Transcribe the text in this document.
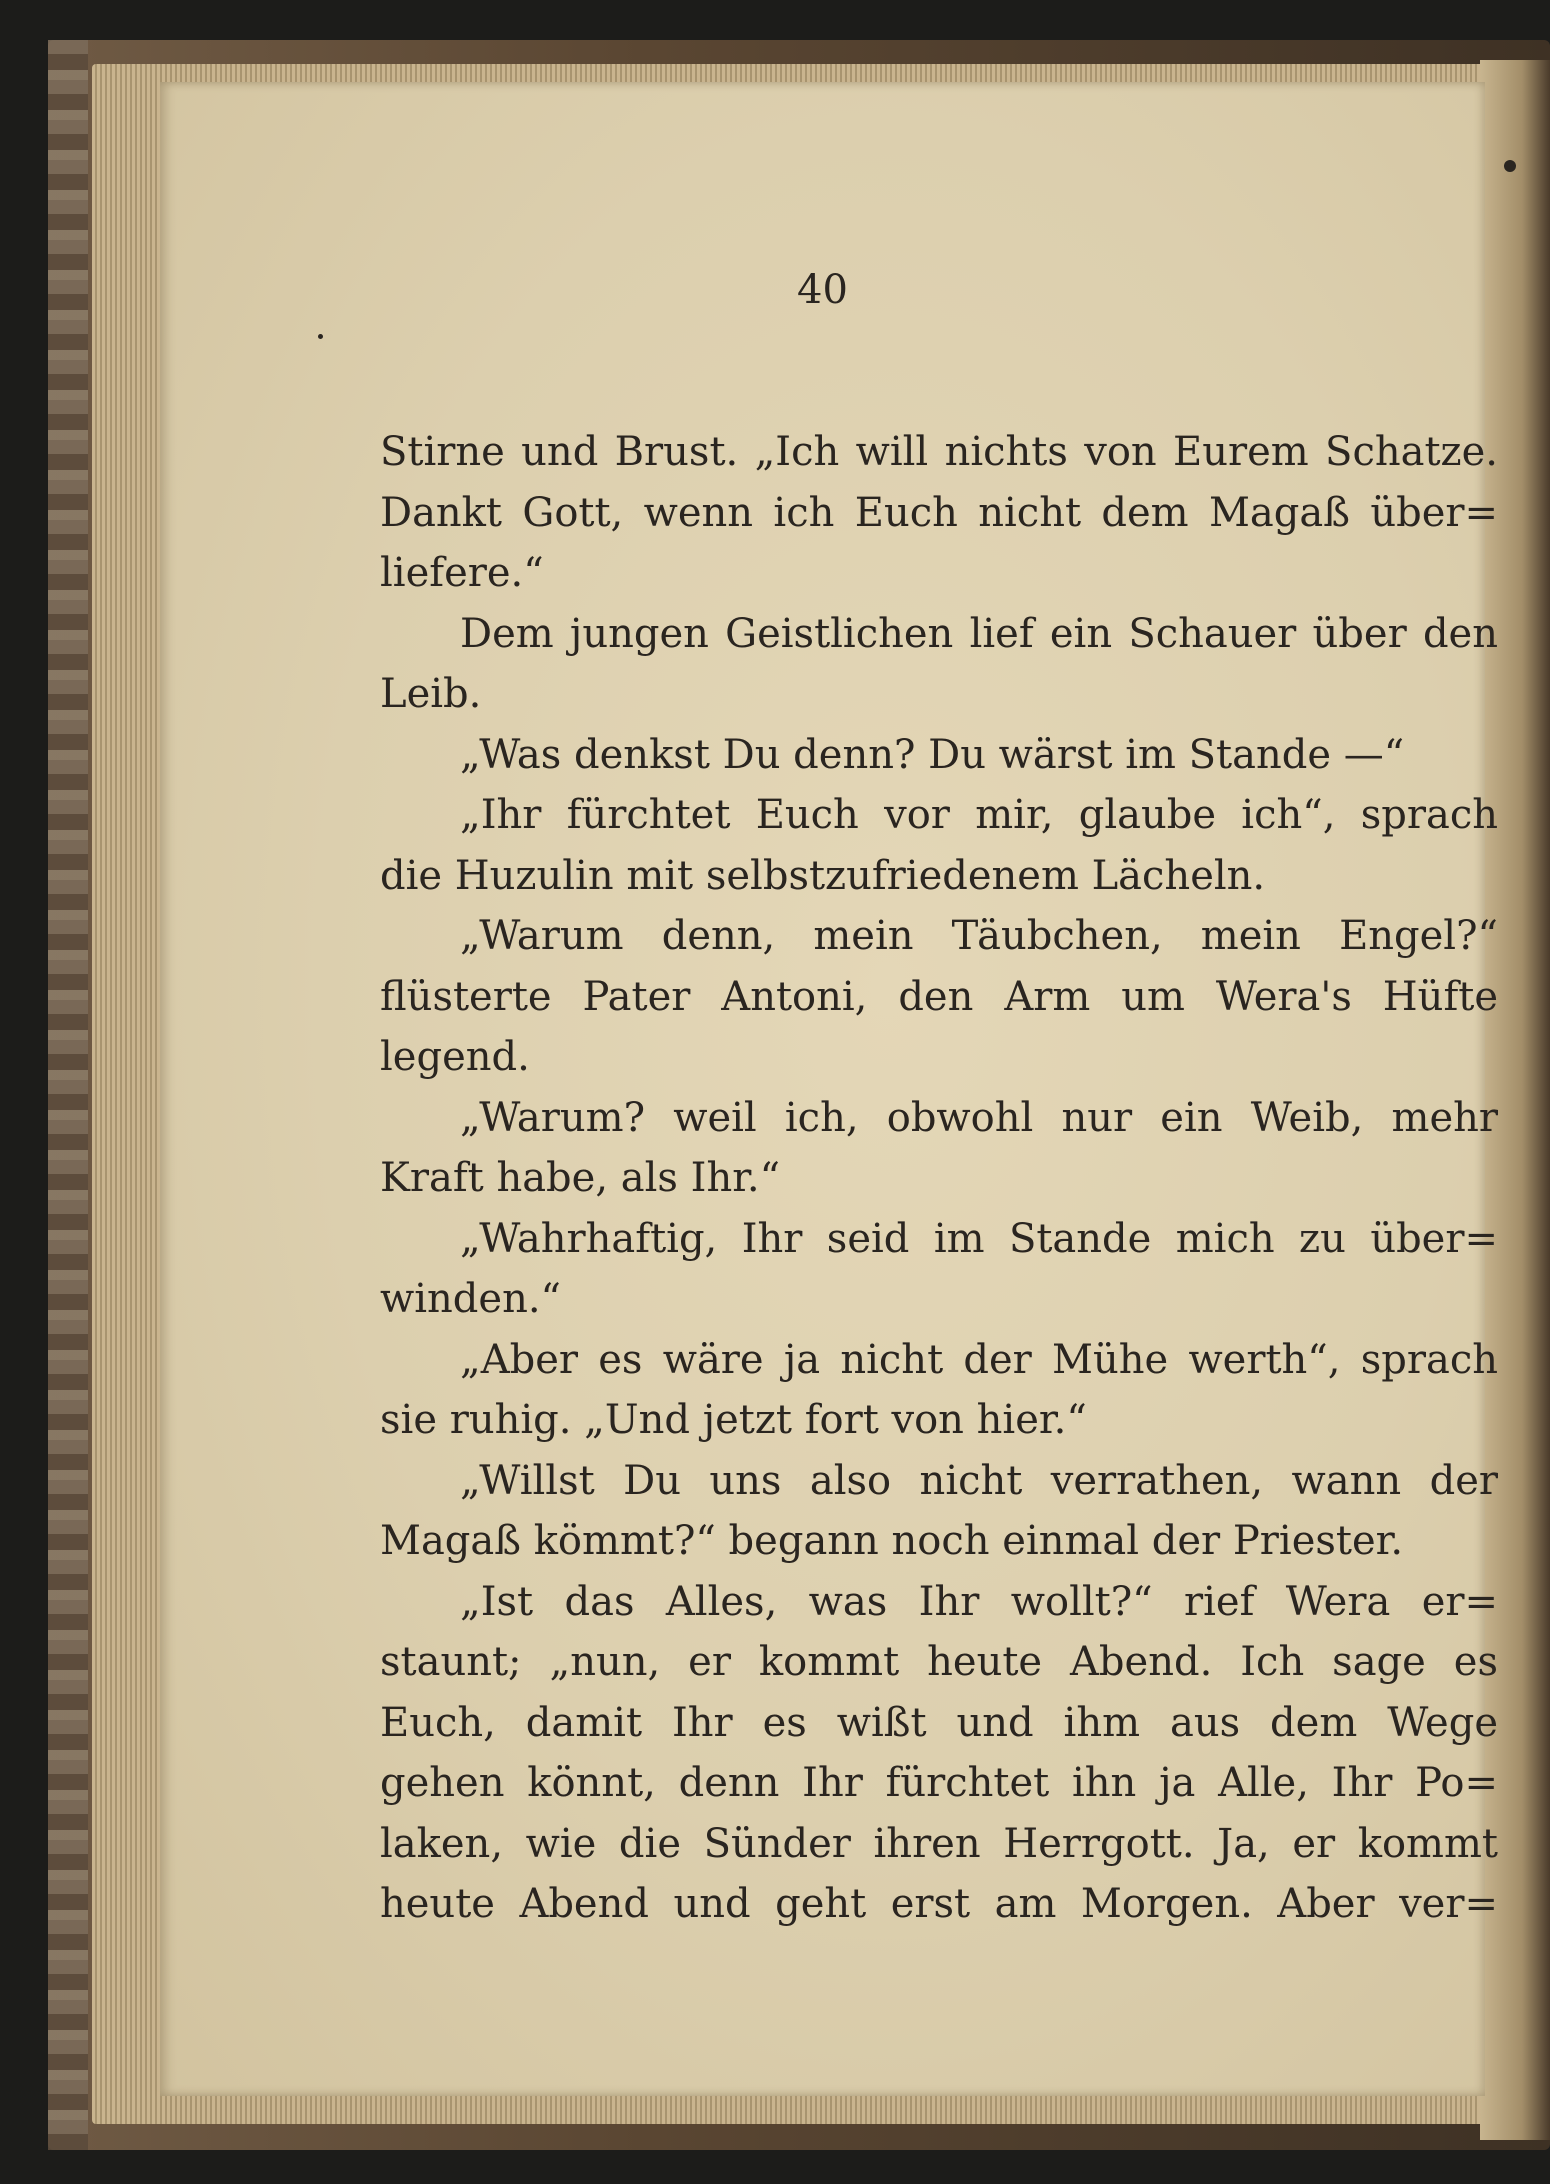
40
Stirne und Brust. „Ich will nichts von Eurem Schatze.
Dankt Gott, wenn ich Euch nicht dem Magaß über=
liefere.“
Dem jungen Geistlichen lief ein Schauer über den
Leib.
„Was denkst Du denn? Du wärst im Stande —“
„Ihr fürchtet Euch vor mir, glaube ich“, sprach
die Huzulin mit selbstzufriedenem Lächeln.
„Warum denn, mein Täubchen, mein Engel?“
flüsterte Pater Antoni, den Arm um Wera's Hüfte
legend.
„Warum? weil ich, obwohl nur ein Weib, mehr
Kraft habe, als Ihr.“
„Wahrhaftig, Ihr seid im Stande mich zu über=
winden.“
„Aber es wäre ja nicht der Mühe werth“, sprach
sie ruhig. „Und jetzt fort von hier.“
„Willst Du uns also nicht verrathen, wann der
Magaß kömmt?“ begann noch einmal der Priester.
„Ist das Alles, was Ihr wollt?“ rief Wera er=
staunt; „nun, er kommt heute Abend. Ich sage es
Euch, damit Ihr es wißt und ihm aus dem Wege
gehen könnt, denn Ihr fürchtet ihn ja Alle, Ihr Po=
laken, wie die Sünder ihren Herrgott. Ja, er kommt
heute Abend und geht erst am Morgen. Aber ver=
